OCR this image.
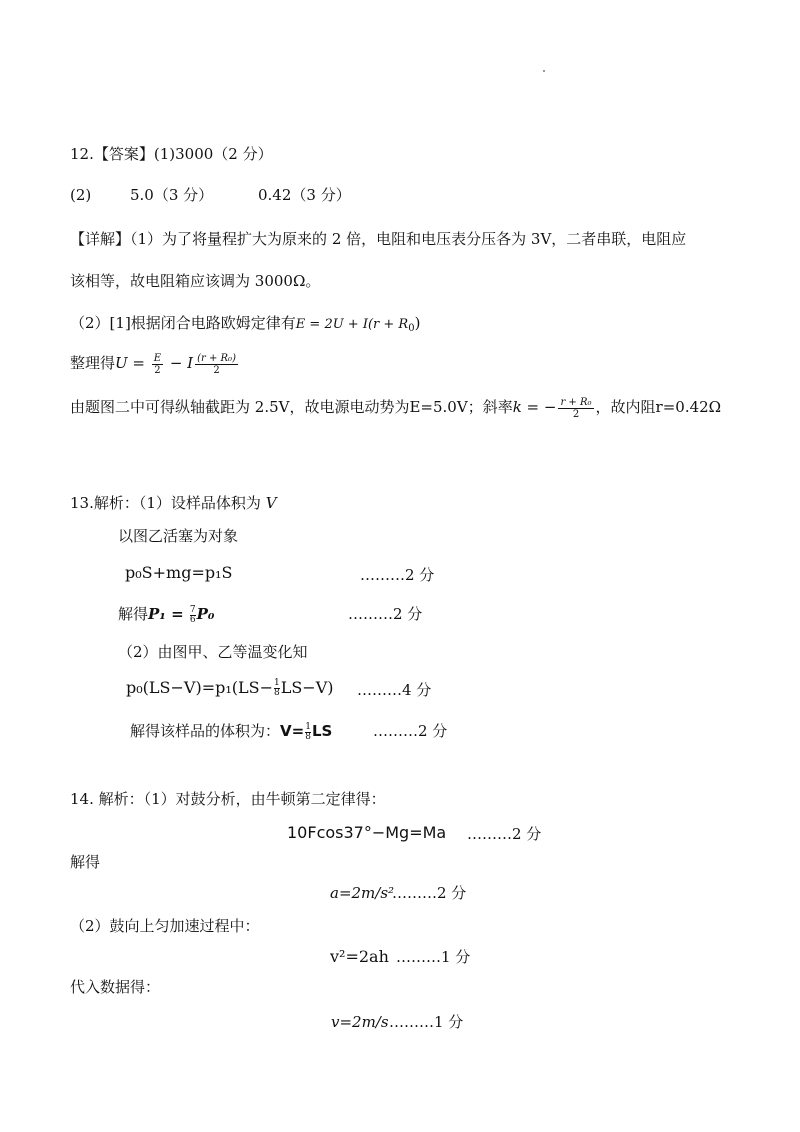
12.【答案】(1)3000（2 分）
(2)	5.0（3 分）	0.42（3 分）
【详解】（1）为了将量程扩大为原来的 2 倍，电阻和电压表分压各为 3V，二者串联，电阻应
该相等，故电阻箱应该调为 3000Ω。
（2）[1]根据闭合电路欧姆定律有$E = 2U + I(r + R_0)$
整理得$U = \frac{E}{2} - I \frac{\text{(r + R₀)}}{2}$
由题图二中可得纵轴截距为 2.5V，故电源电动势为E=5.0V；斜率k = − $\frac{\text{r + R₀}}{2}$ ，故内阻r=0.42Ω
13.解析：（1）设样品体积为 V
以图乙活塞为对象
p₀S+mg=p₁S	………2 分
解得$P_1 = \frac{7}{6} P_0$	………2 分
（2）由图甲、乙等温变化知
$p_0(LS-V)=p_1(LS- \frac{1}{8} LS-V)$ ………4 分
解得该样品的体积为：$V= \frac{1}{8}$ LS	………2 分
14. 解析：（1）对鼓分析，由牛顿第二定律得：
10Fcos37°−Mg=Ma ………2 分
解得
a=2m/s²
………2 分
（2）鼓向上匀加速过程中：
v²=2ah ………1 分
代入数据得：
v=2m/s ………1 分
